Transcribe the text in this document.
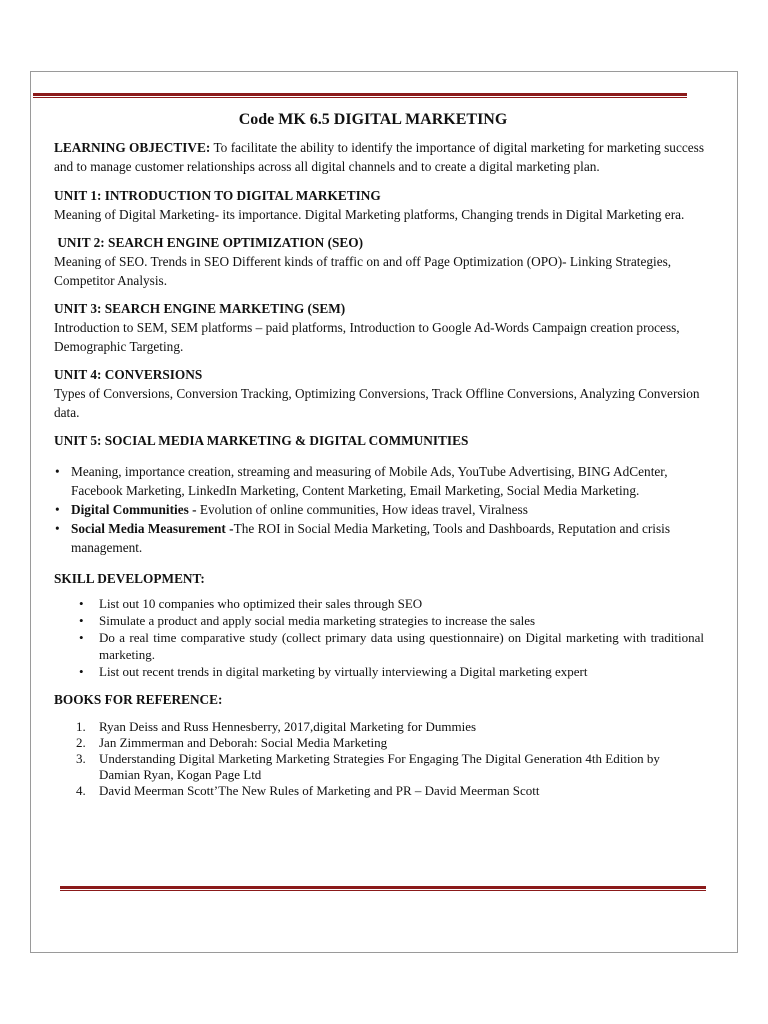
Code MK 6.5 DIGITAL MARKETING

LEARNING OBJECTIVE: To facilitate the ability to identify the importance of digital marketing for marketing success and to manage customer relationships across all digital channels and to create a digital marketing plan.

UNIT 1: INTRODUCTION TO DIGITAL MARKETING

Meaning of Digital Marketing- its importance. Digital Marketing platforms, Changing trends in Digital Marketing era.

UNIT 2: SEARCH ENGINE OPTIMIZATION (SEO)

Meaning of SEO. Trends in SEO Different kinds of traffic on and off Page Optimization (OPO)- Linking Strategies, Competitor Analysis.

UNIT 3: SEARCH ENGINE MARKETING (SEM)

Introduction to SEM, SEM platforms – paid platforms, Introduction to Google Ad-Words Campaign creation process, Demographic Targeting.

UNIT 4: CONVERSIONS

Types of Conversions, Conversion Tracking, Optimizing Conversions, Track Offline Conversions, Analyzing Conversion data.

UNIT 5: SOCIAL MEDIA MARKETING & DIGITAL COMMUNITIES

• Meaning, importance creation, streaming and measuring of Mobile Ads, YouTube Advertising, BING AdCenter, Facebook Marketing, LinkedIn Marketing, Content Marketing, Email Marketing, Social Media Marketing.
• Digital Communities - Evolution of online communities, How ideas travel, Viralness
• Social Media Measurement -The ROI in Social Media Marketing, Tools and Dashboards, Reputation and crisis management.

SKILL DEVELOPMENT:

• List out 10 companies who optimized their sales through SEO
• Simulate a product and apply social media marketing strategies to increase the sales
• Do a real time comparative study (collect primary data using questionnaire) on Digital marketing with traditional marketing.
• List out recent trends in digital marketing by virtually interviewing a Digital marketing expert

BOOKS FOR REFERENCE:

1. Ryan Deiss and Russ Hennesberry, 2017,digital Marketing for Dummies
2. Jan Zimmerman and Deborah: Social Media Marketing
3. Understanding Digital Marketing Marketing Strategies For Engaging The Digital Generation 4th Edition by Damian Ryan, Kogan Page Ltd
4. David Meerman Scott’The New Rules of Marketing and PR – David Meerman Scott
